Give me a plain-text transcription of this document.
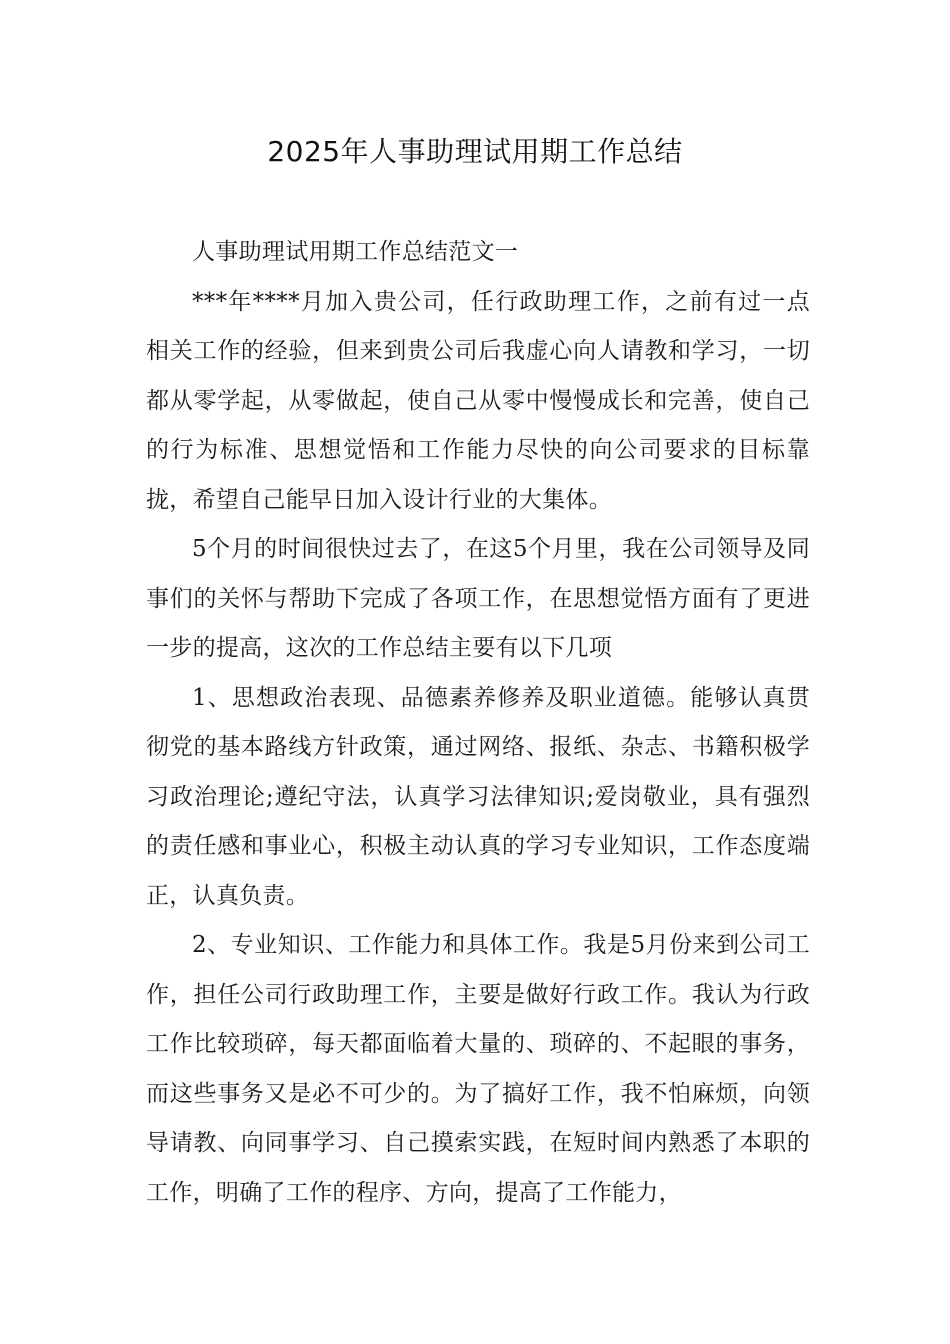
2025年人事助理试用期工作总结

人事助理试用期工作总结范文一

***年****月加入贵公司，任行政助理工作，之前有过一点相关工作的经验，但来到贵公司后我虚心向人请教和学习，一切都从零学起，从零做起，使自己从零中慢慢成长和完善，使自己的行为标准、思想觉悟和工作能力尽快的向公司要求的目标靠拢，希望自己能早日加入设计行业的大集体。

5个月的时间很快过去了，在这5个月里，我在公司领导及同事们的关怀与帮助下完成了各项工作，在思想觉悟方面有了更进一步的提高，这次的工作总结主要有以下几项

1、思想政治表现、品德素养修养及职业道德。能够认真贯彻党的基本路线方针政策，通过网络、报纸、杂志、书籍积极学习政治理论;遵纪守法，认真学习法律知识;爱岗敬业，具有强烈的责任感和事业心，积极主动认真的学习专业知识，工作态度端正，认真负责。

2、专业知识、工作能力和具体工作。我是5月份来到公司工作，担任公司行政助理工作，主要是做好行政工作。我认为行政工作比较琐碎，每天都面临着大量的、琐碎的、不起眼的事务，而这些事务又是必不可少的。为了搞好工作，我不怕麻烦，向领导请教、向同事学习、自己摸索实践，在短时间内熟悉了本职的工作，明确了工作的程序、方向，提高了工作能力，
